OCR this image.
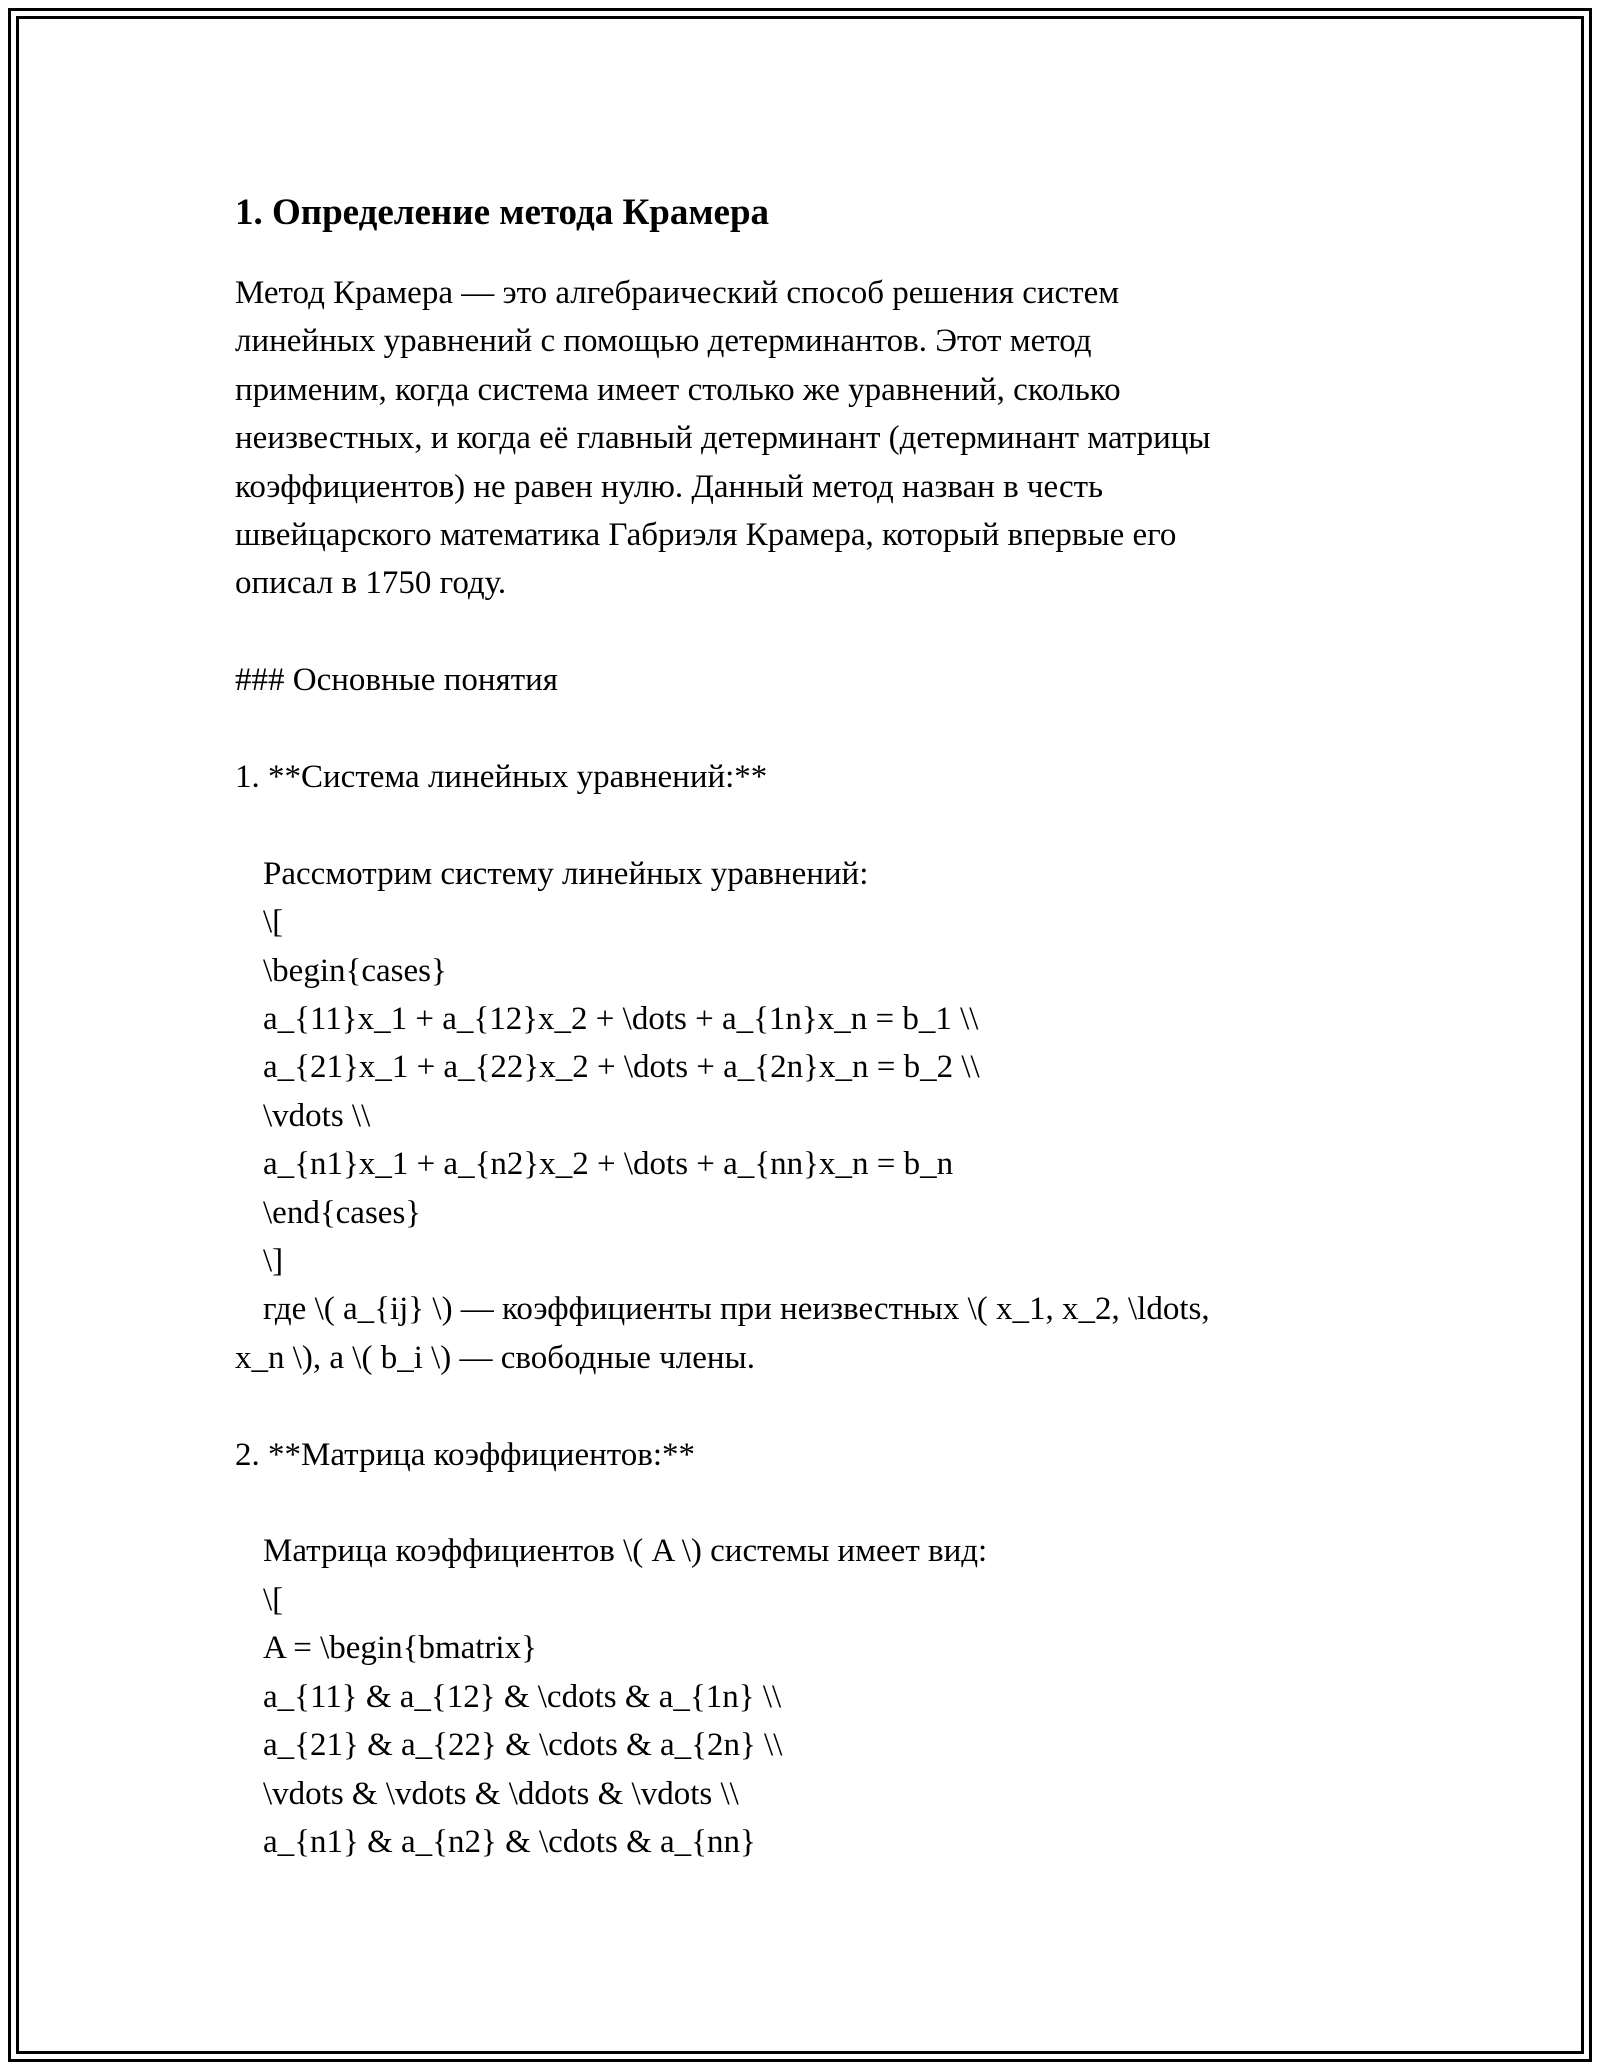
1. Определение метода Крамера
Метод Крамера — это алгебраический способ решения систем
линейных уравнений с помощью детерминантов. Этот метод
применим, когда система имеет столько же уравнений, сколько
неизвестных, и когда её главный детерминант (детерминант матрицы
коэффициентов) не равен нулю. Данный метод назван в честь
швейцарского математика Габриэля Крамера, который впервые его
описал в 1750 году.
### Основные понятия
1. **Система линейных уравнений:**
Рассмотрим систему линейных уравнений:
\[
\begin{cases}
a_{11}x_1 + a_{12}x_2 + \dots + a_{1n}x_n = b_1 \\
a_{21}x_1 + a_{22}x_2 + \dots + a_{2n}x_n = b_2 \\
\vdots \\
a_{n1}x_1 + a_{n2}x_2 + \dots + a_{nn}x_n = b_n
\end{cases}
\]
где \( a_{ij} \) — коэффициенты при неизвестных \( x_1, x_2, \ldots,
x_n \), а \( b_i \) — свободные члены.
2. **Матрица коэффициентов:**
Матрица коэффициентов \( A \) системы имеет вид:
\[
A = \begin{bmatrix}
a_{11} & a_{12} & \cdots & a_{1n} \\
a_{21} & a_{22} & \cdots & a_{2n} \\
\vdots & \vdots & \ddots & \vdots \\
a_{n1} & a_{n2} & \cdots & a_{nn}
